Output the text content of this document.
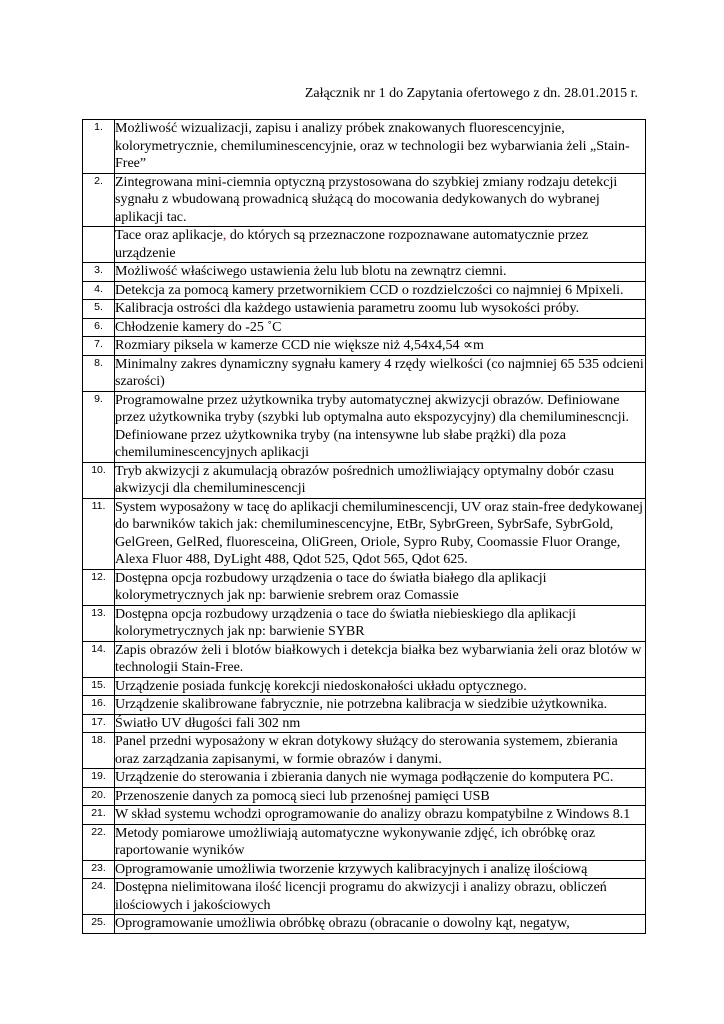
Załącznik nr 1 do Zapytania ofertowego z dn. 28.01.2015 r.
1.	Możliwość wizualizacji, zapisu i analizy próbek znakowanych fluorescencyjnie, kolorymetrycznie, chemiluminescencyjnie, oraz w technologii bez wybarwiania żeli „Stain-Free”
2.	Zintegrowana mini-ciemnia optyczną przystosowana do szybkiej zmiany rodzaju detekcji sygnału z wbudowaną prowadnicą służącą do mocowania dedykowanych do wybranej aplikacji tac.
	Tace oraz aplikacje, do których są przeznaczone rozpoznawane automatycznie przez urządzenie
3.	Możliwość właściwego ustawienia żelu lub blotu na zewnątrz ciemni.
4.	Detekcja za pomocą kamery przetwornikiem CCD o rozdzielczości co najmniej 6 Mpixeli.
5.	Kalibracja ostrości dla każdego ustawienia parametru zoomu lub wysokości próby.
6.	Chłodzenie kamery do -25 ˚C
7.	Rozmiary piksela w kamerze CCD nie większe niż 4,54x4,54 ∝m
8.	Minimalny zakres dynamiczny sygnału kamery 4 rzędy wielkości (co najmniej 65 535 odcieni szarości)
9.	Programowalne przez użytkownika tryby automatycznej akwizycji obrazów. Definiowane przez użytkownika tryby (szybki lub optymalna auto ekspozycyjny) dla chemiluminescncji. Definiowane przez użytkownika tryby (na intensywne lub słabe prążki) dla poza chemiluminescencyjnych aplikacji
10.	Tryb akwizycji z akumulacją obrazów pośrednich umożliwiający optymalny dobór czasu akwizycji dla chemiluminescencji
11.	System wyposażony w tacę do aplikacji chemiluminescencji, UV oraz stain-free dedykowanej do barwników takich jak: chemiluminescencyjne, EtBr, SybrGreen, SybrSafe, SybrGold, GelGreen, GelRed, fluoresceina, OliGreen, Oriole, Sypro Ruby, Coomassie Fluor Orange, Alexa Fluor 488, DyLight 488, Qdot 525, Qdot 565, Qdot 625.
12.	Dostępna opcja rozbudowy urządzenia o tace do światła białego dla aplikacji kolorymetrycznych jak np: barwienie srebrem oraz Comassie
13.	Dostępna opcja rozbudowy urządzenia o tace do światła niebieskiego dla aplikacji kolorymetrycznych jak np: barwienie SYBR
14.	Zapis obrazów żeli i blotów białkowych i detekcja białka bez wybarwiania żeli oraz blotów w technologii Stain-Free.
15.	Urządzenie posiada funkcję korekcji niedoskonałości układu optycznego.
16.	Urządzenie skalibrowane fabrycznie, nie potrzebna kalibracja w siedzibie użytkownika.
17.	Światło UV długości fali 302 nm
18.	Panel przedni wyposażony w ekran dotykowy służący do sterowania systemem, zbierania oraz zarządzania zapisanymi, w formie obrazów i danymi.
19.	Urządzenie do sterowania i zbierania danych nie wymaga podłączenie do komputera PC.
20.	Przenoszenie danych za pomocą sieci lub przenośnej pamięci USB
21.	W skład systemu wchodzi oprogramowanie do analizy obrazu kompatybilne z Windows 8.1
22.	Metody pomiarowe umożliwiają automatyczne wykonywanie zdjęć, ich obróbkę oraz raportowanie wyników
23.	Oprogramowanie umożliwia tworzenie krzywych kalibracyjnych i analizę ilościową
24.	Dostępna nielimitowana ilość licencji programu do akwizycji i analizy obrazu, obliczeń ilościowych i jakościowych
25.	Oprogramowanie umożliwia obróbkę obrazu (obracanie o dowolny kąt, negatyw,
